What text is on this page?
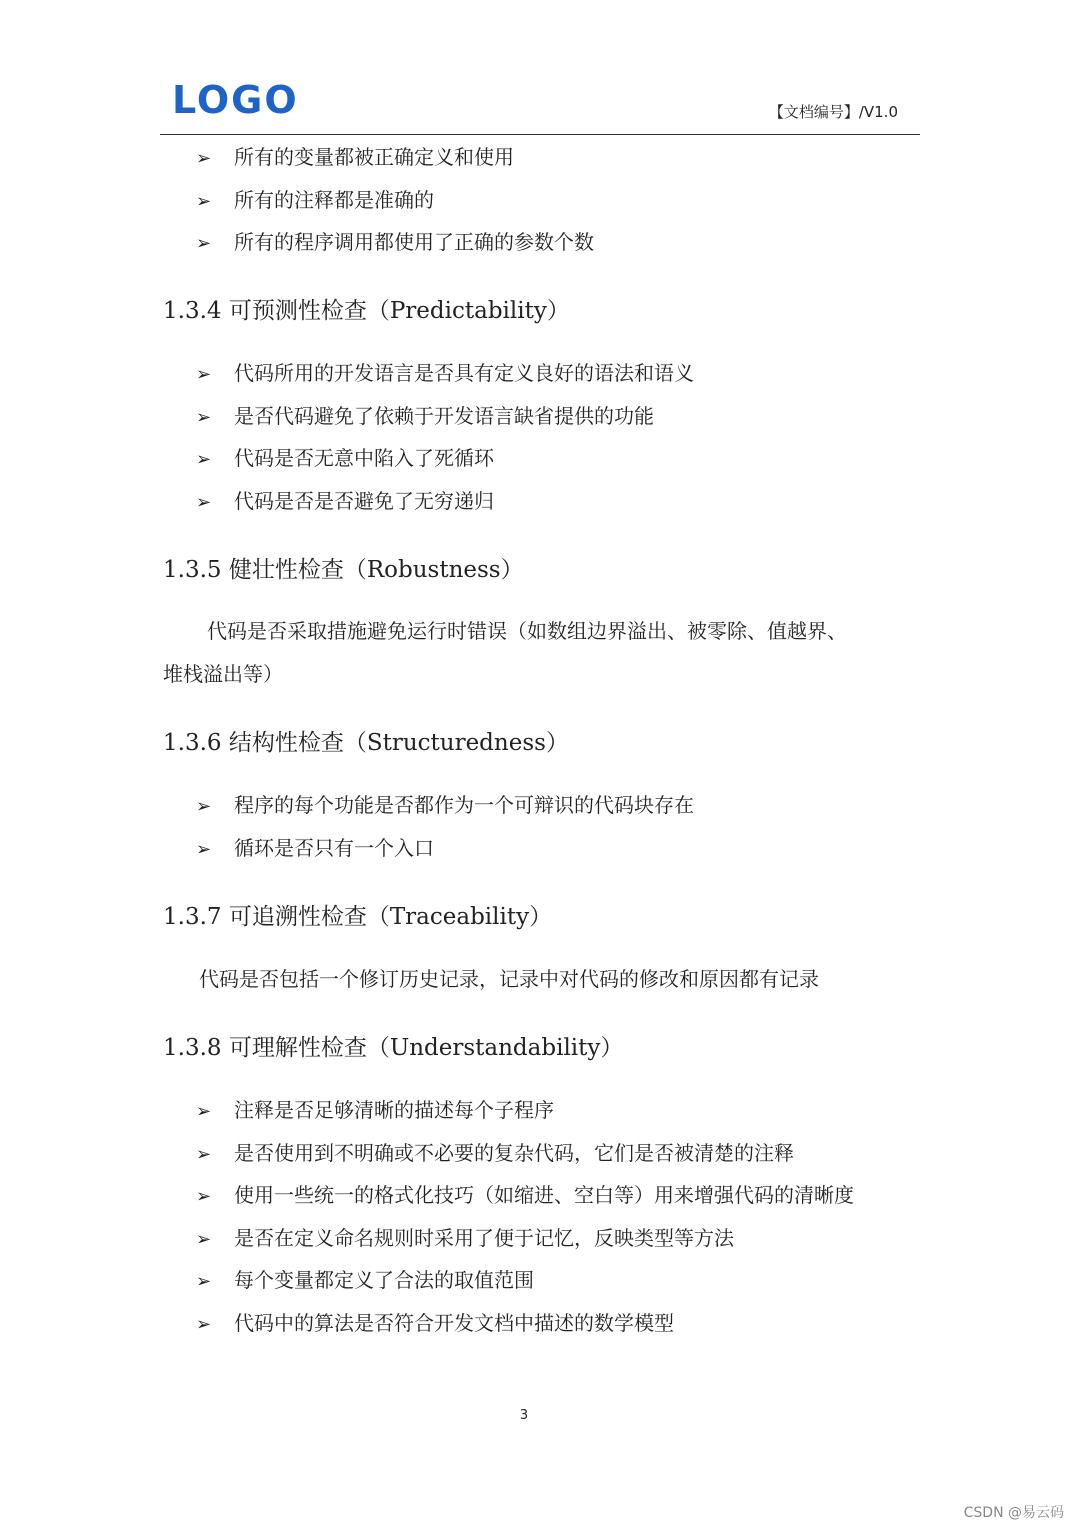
LOGO	【文档编号】/V1.0
➢ 所有的变量都被正确定义和使用
➢ 所有的注释都是准确的
➢ 所有的程序调用都使用了正确的参数个数
1.3.4 可预测性检查（Predictability）
➢ 代码所用的开发语言是否具有定义良好的语法和语义
➢ 是否代码避免了依赖于开发语言缺省提供的功能
➢ 代码是否无意中陷入了死循环
➢ 代码是否是否避免了无穷递归
1.3.5 健壮性检查（Robustness）
代码是否采取措施避免运行时错误（如数组边界溢出、被零除、值越界、
堆栈溢出等）
1.3.6 结构性检查（Structuredness）
➢ 程序的每个功能是否都作为一个可辩识的代码块存在
➢ 循环是否只有一个入口
1.3.7 可追溯性检查（Traceability）
代码是否包括一个修订历史记录，记录中对代码的修改和原因都有记录
1.3.8 可理解性检查（Understandability）
➢ 注释是否足够清晰的描述每个子程序
➢ 是否使用到不明确或不必要的复杂代码，它们是否被清楚的注释
➢ 使用一些统一的格式化技巧（如缩进、空白等）用来增强代码的清晰度
➢ 是否在定义命名规则时采用了便于记忆，反映类型等方法
➢ 每个变量都定义了合法的取值范围
➢ 代码中的算法是否符合开发文档中描述的数学模型
3
CSDN @易云码
